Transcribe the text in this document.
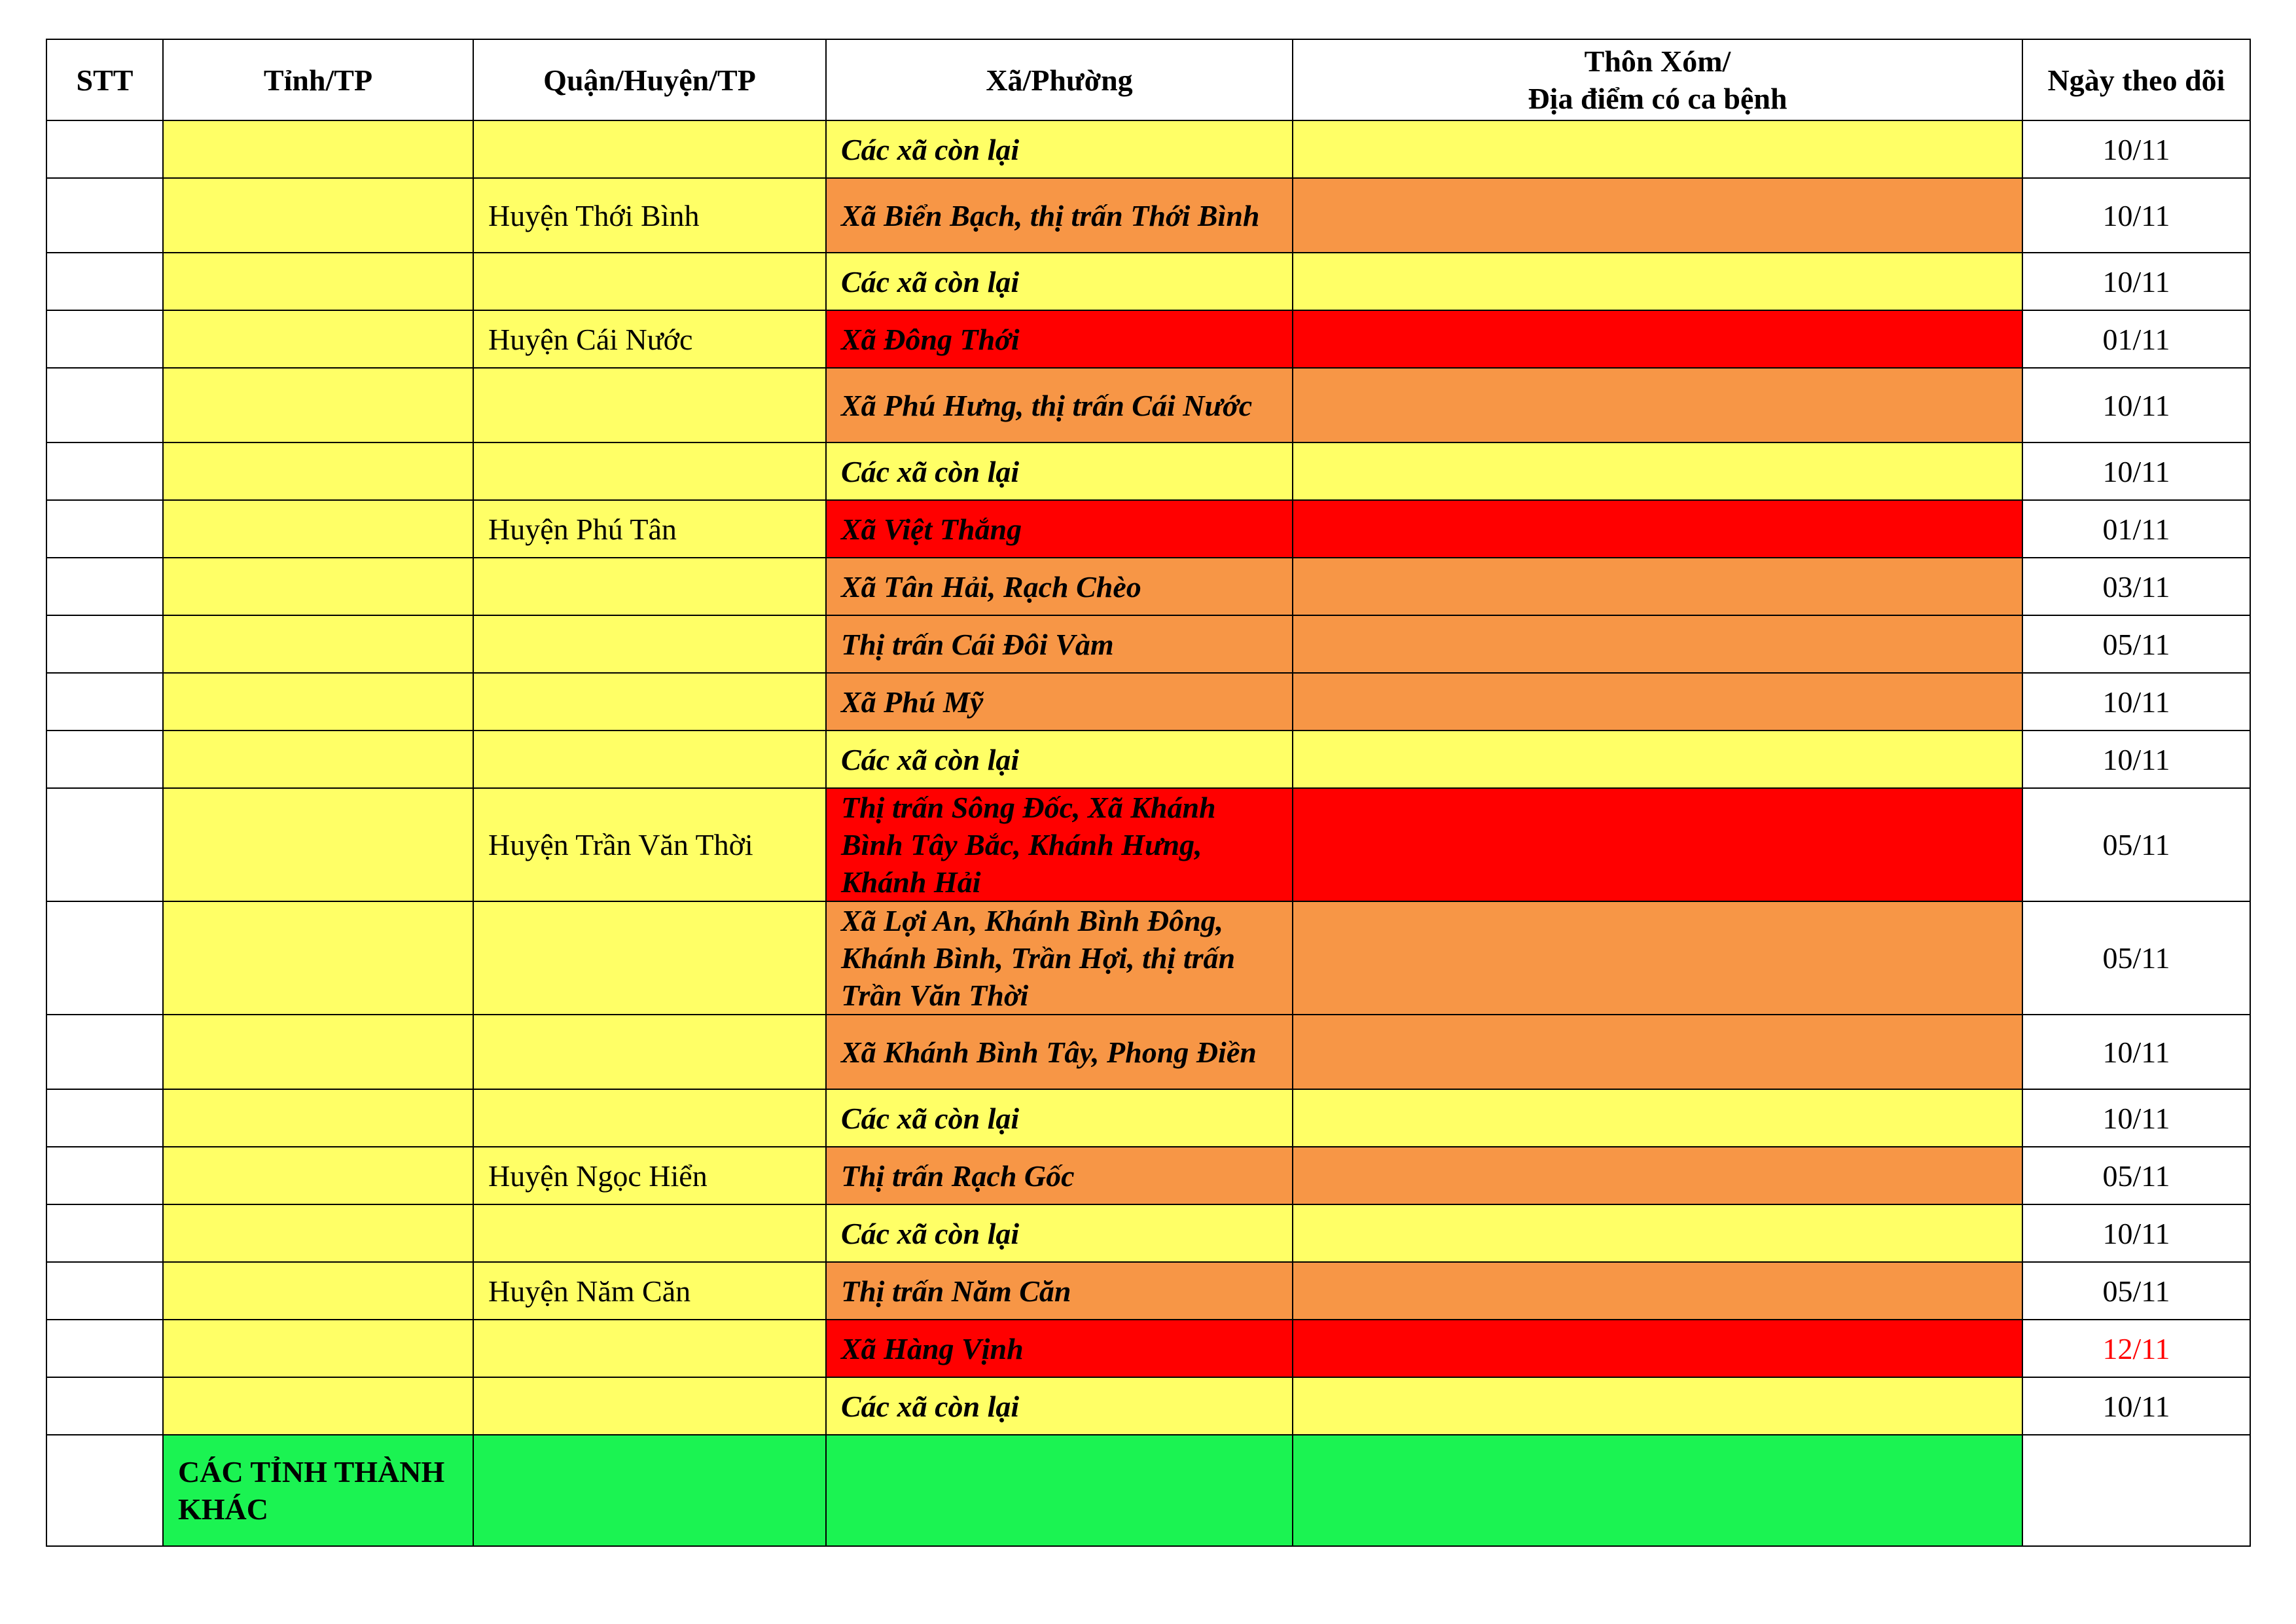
STT	Tỉnh/TP	Quận/Huyện/TP	Xã/Phường	Thôn Xóm/
Địa điểm có ca bệnh	Ngày theo dõi
			Các xã còn lại		10/11
		Huyện Thới Bình	Xã Biển Bạch, thị trấn Thới Bình		10/11
			Các xã còn lại		10/11
		Huyện Cái Nước	Xã Đông Thới		01/11
			Xã Phú Hưng, thị trấn Cái Nước		10/11
			Các xã còn lại		10/11
		Huyện Phú Tân	Xã Việt Thắng		01/11
			Xã Tân Hải, Rạch Chèo		03/11
			Thị trấn Cái Đôi Vàm		05/11
			Xã Phú Mỹ		10/11
			Các xã còn lại		10/11
		Huyện Trần Văn Thời	Thị trấn Sông Đốc, Xã Khánh Bình Tây Bắc, Khánh Hưng, Khánh Hải		05/11
			Xã Lợi An, Khánh Bình Đông, Khánh Bình, Trần Hợi, thị trấn Trần Văn Thời		05/11
			Xã Khánh Bình Tây, Phong Điền		10/11
			Các xã còn lại		10/11
		Huyện Ngọc Hiển	Thị trấn Rạch Gốc		05/11
			Các xã còn lại		10/11
		Huyện Năm Căn	Thị trấn Năm Căn		05/11
			Xã Hàng Vịnh		12/11
			Các xã còn lại		10/11
	CÁC TỈNH THÀNH KHÁC				
